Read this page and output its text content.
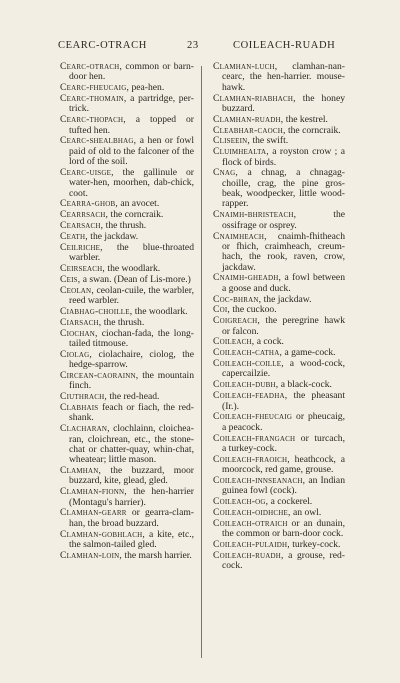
CEARC-OTRACH	23	COILEACH-RUADH
Cearc-otrach, common or barn-door hen.
Cearc-fheucaig, pea-hen.
Cearc-thomain, a partridge, per-trick.
Cearc-thopach, a topped or tufted hen.
Cearc-shealbhag, a hen or fowl paid of old to the falconer of the lord of the soil.
Cearc-uisge, the gallinule or water-hen, moorhen, dab-chick, coot.
Cearra-ghob, an avocet.
Cearrsach, the corncraik.
Cearsach, the thrush.
Ceath, the jackdaw.
Ceilriche, the blue-throated warbler.
Ceirseach, the woodlark.
Ceis, a swan. (Dean of Lis-more.)
Ceolan, ceolan-cuile, the warbler, reed warbler.
Ciabhag-choille, the woodlark.
Ciarsach, the thrush.
Ciochan, ciochan-fada, the long-tailed titmouse.
Ciolag, ciolachaire, ciolog, the hedge-sparrow.
Circean-caorainn, the mountain finch.
Ciuthrach, the red-head.
Clabhais feach or fiach, the red-shank.
Clacharan, clochlainn, cloichea-ran, cloichrean, etc., the stone-chat or chatter-quay, whin-chat, wheatear; little mason.
Clamhan, the buzzard, moor buzzard, kite, glead, gled.
Clamhan-fionn, the hen-harrier (Montagu's harrier).
Clamhan-gearr or gearra-clam-han, the broad buzzard.
Clamhan-gobhlach, a kite, etc., the salmon-tailed gled.
Clamhan-loin, the marsh harrier.
Clamhan-luch, clamhan-nan-cearc, the hen-harrier. mouse-hawk.
Clamhan-riabhach, the honey buzzard.
Clamhan-ruadh, the kestrel.
Cleabhar-caoch, the corncraik.
Cliseein, the swift.
Cluimhealta, a royston crow ; a flock of birds.
Cnag, a chnag, a chnagag-choille, crag, the pine gros-beak, woodpecker, little wood-rapper.
Cnaimh-bhristeach, the ossifrage or osprey.
Cnaimheach, cnaimh-fhitheach or fhich, craimheach, creum-hach, the rook, raven, crow, jackdaw.
Cnaimh-gheadh, a fowl between a goose and duck.
Coc-bhran, the jackdaw.
Coi, the cuckoo.
Coigreach, the peregrine hawk or falcon.
Coileach, a cock.
Coileach-catha, a game-cock.
Coileach-coille, a wood-cock, capercailzie.
Coileach-dubh, a black-cock.
Coileach-feadha, the pheasant (Ir.).
Coileach-fheucaig or pheucaig, a peacock.
Coileach-frangach or turcach, a turkey-cock.
Coileach-fraoich, heathcock, a moorcock, red game, grouse.
Coileach-innseanach, an Indian guinea fowl (cock).
Coileach-og, a cockerel.
Coileach-oidhche, an owl.
Coileach-otraich or an dunain, the common or barn-door cock.
Coileach-pulaidh, turkey-cock.
Coileach-ruadh, a grouse, red-cock.
